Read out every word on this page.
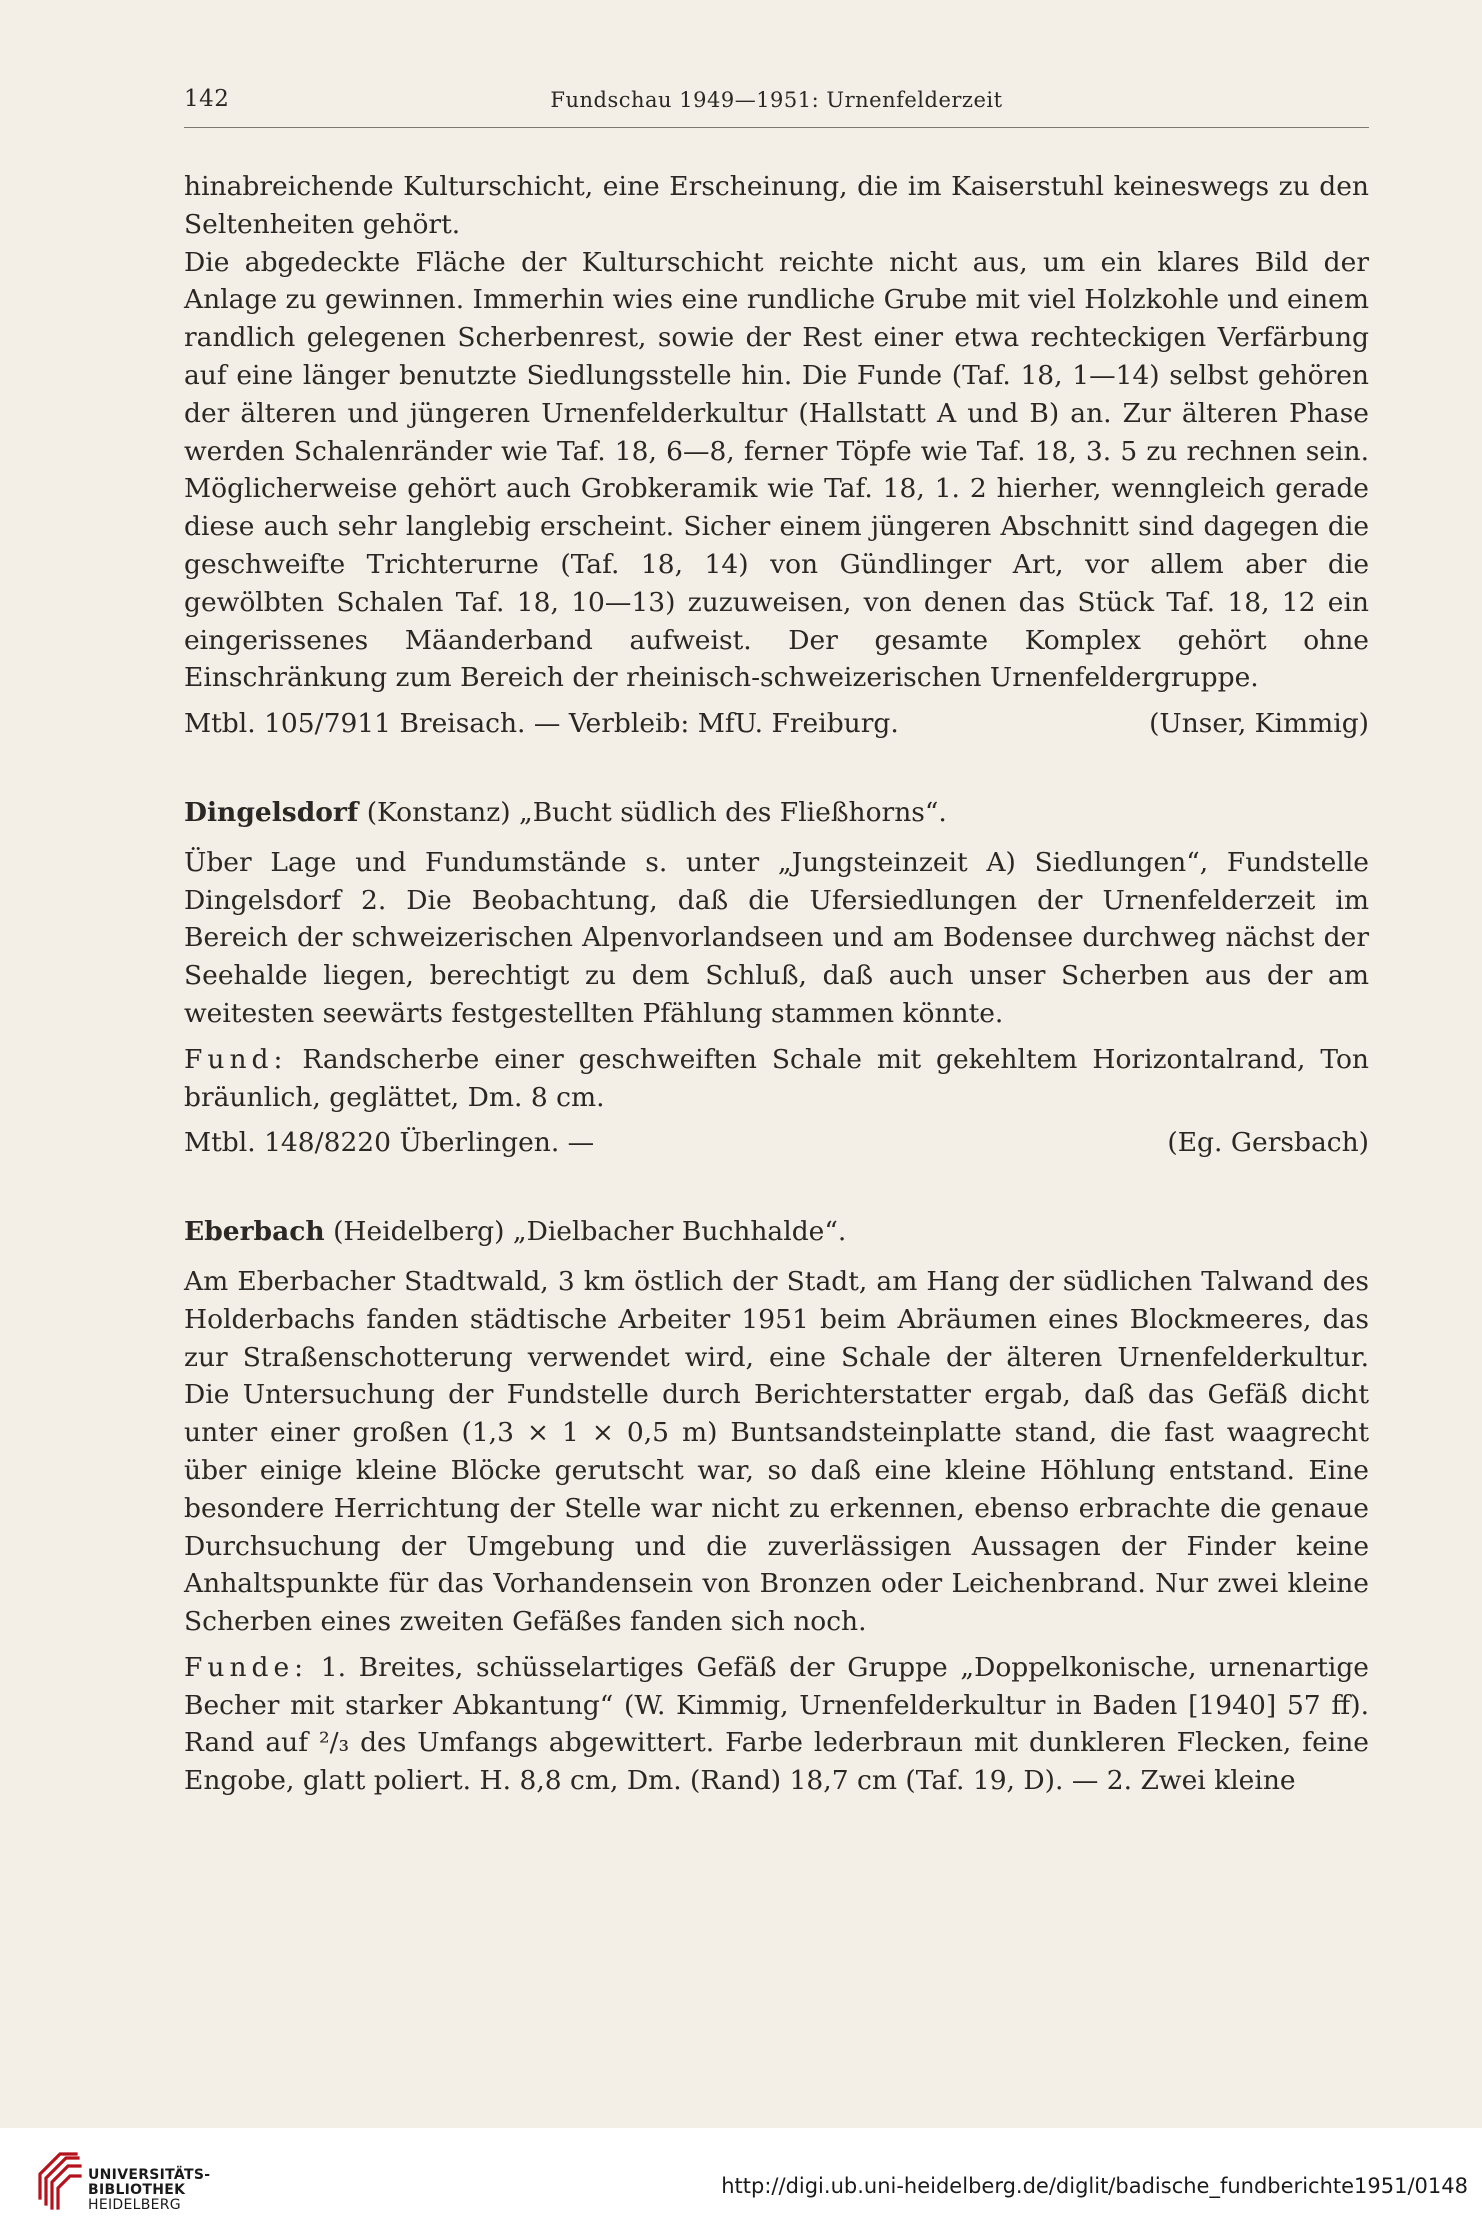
142	Fundschau 1949—1951: Urnenfelderzeit

hinabreichende Kulturschicht, eine Erscheinung, die im Kaiserstuhl keineswegs zu den Seltenheiten gehört.

Die abgedeckte Fläche der Kulturschicht reichte nicht aus, um ein klares Bild der Anlage zu gewinnen. Immerhin wies eine rundliche Grube mit viel Holzkohle und einem randlich gelegenen Scherbenrest, sowie der Rest einer etwa rechteckigen Verfärbung auf eine länger benutzte Siedlungsstelle hin. Die Funde (Taf. 18, 1—14) selbst gehören der älteren und jüngeren Urnenfelderkultur (Hallstatt A und B) an. Zur älteren Phase werden Schalenränder wie Taf. 18, 6—8, ferner Töpfe wie Taf. 18, 3. 5 zu rechnen sein. Möglicherweise gehört auch Grobkeramik wie Taf. 18, 1. 2 hierher, wenngleich gerade diese auch sehr langlebig erscheint. Sicher einem jüngeren Abschnitt sind dagegen die geschweifte Trichterurne (Taf. 18, 14) von Gündlinger Art, vor allem aber die gewölbten Schalen Taf. 18, 10—13) zuzuweisen, von denen das Stück Taf. 18, 12 ein eingerissenes Mäanderband aufweist. Der gesamte Komplex gehört ohne Einschränkung zum Bereich der rheinisch-schweizerischen Urnenfeldergruppe.

Mtbl. 105/7911 Breisach. — Verbleib: MfU. Freiburg.	(Unser, Kimmig)

Dingelsdorf (Konstanz) „Bucht südlich des Fließhorns“.

Über Lage und Fundumstände s. unter „Jungsteinzeit A) Siedlungen“, Fundstelle Dingelsdorf 2. Die Beobachtung, daß die Ufersiedlungen der Urnenfelderzeit im Bereich der schweizerischen Alpenvorlandseen und am Bodensee durchweg nächst der Seehalde liegen, berechtigt zu dem Schluß, daß auch unser Scherben aus der am weitesten seewärts festgestellten Pfählung stammen könnte.

Fund: Randscherbe einer geschweiften Schale mit gekehltem Horizontalrand, Ton bräunlich, geglättet, Dm. 8 cm.

Mtbl. 148/8220 Überlingen. —	(Eg. Gersbach)

Eberbach (Heidelberg) „Dielbacher Buchhalde“.

Am Eberbacher Stadtwald, 3 km östlich der Stadt, am Hang der südlichen Talwand des Holderbachs fanden städtische Arbeiter 1951 beim Abräumen eines Blockmeeres, das zur Straßenschotterung verwendet wird, eine Schale der älteren Urnenfelderkultur. Die Untersuchung der Fundstelle durch Berichterstatter ergab, daß das Gefäß dicht unter einer großen (1,3 × 1 × 0,5 m) Buntsandsteinplatte stand, die fast waagrecht über einige kleine Blöcke gerutscht war, so daß eine kleine Höhlung entstand. Eine besondere Herrichtung der Stelle war nicht zu erkennen, ebenso erbrachte die genaue Durchsuchung der Umgebung und die zuverlässigen Aussagen der Finder keine Anhaltspunkte für das Vorhandensein von Bronzen oder Leichenbrand. Nur zwei kleine Scherben eines zweiten Gefäßes fanden sich noch.

Funde: 1. Breites, schüsselartiges Gefäß der Gruppe „Doppelkonische, urnenartige Becher mit starker Abkantung“ (W. Kimmig, Urnenfelderkultur in Baden [1940] 57 ff). Rand auf ²/₃ des Umfangs abgewittert. Farbe lederbraun mit dunkleren Flecken, feine Engobe, glatt poliert. H. 8,8 cm, Dm. (Rand) 18,7 cm (Taf. 19, D). — 2. Zwei kleine

UNIVERSITÄTS-
BIBLIOTHEK
HEIDELBERG
http://digi.ub.uni-heidelberg.de/diglit/badische_fundberichte1951/0148
